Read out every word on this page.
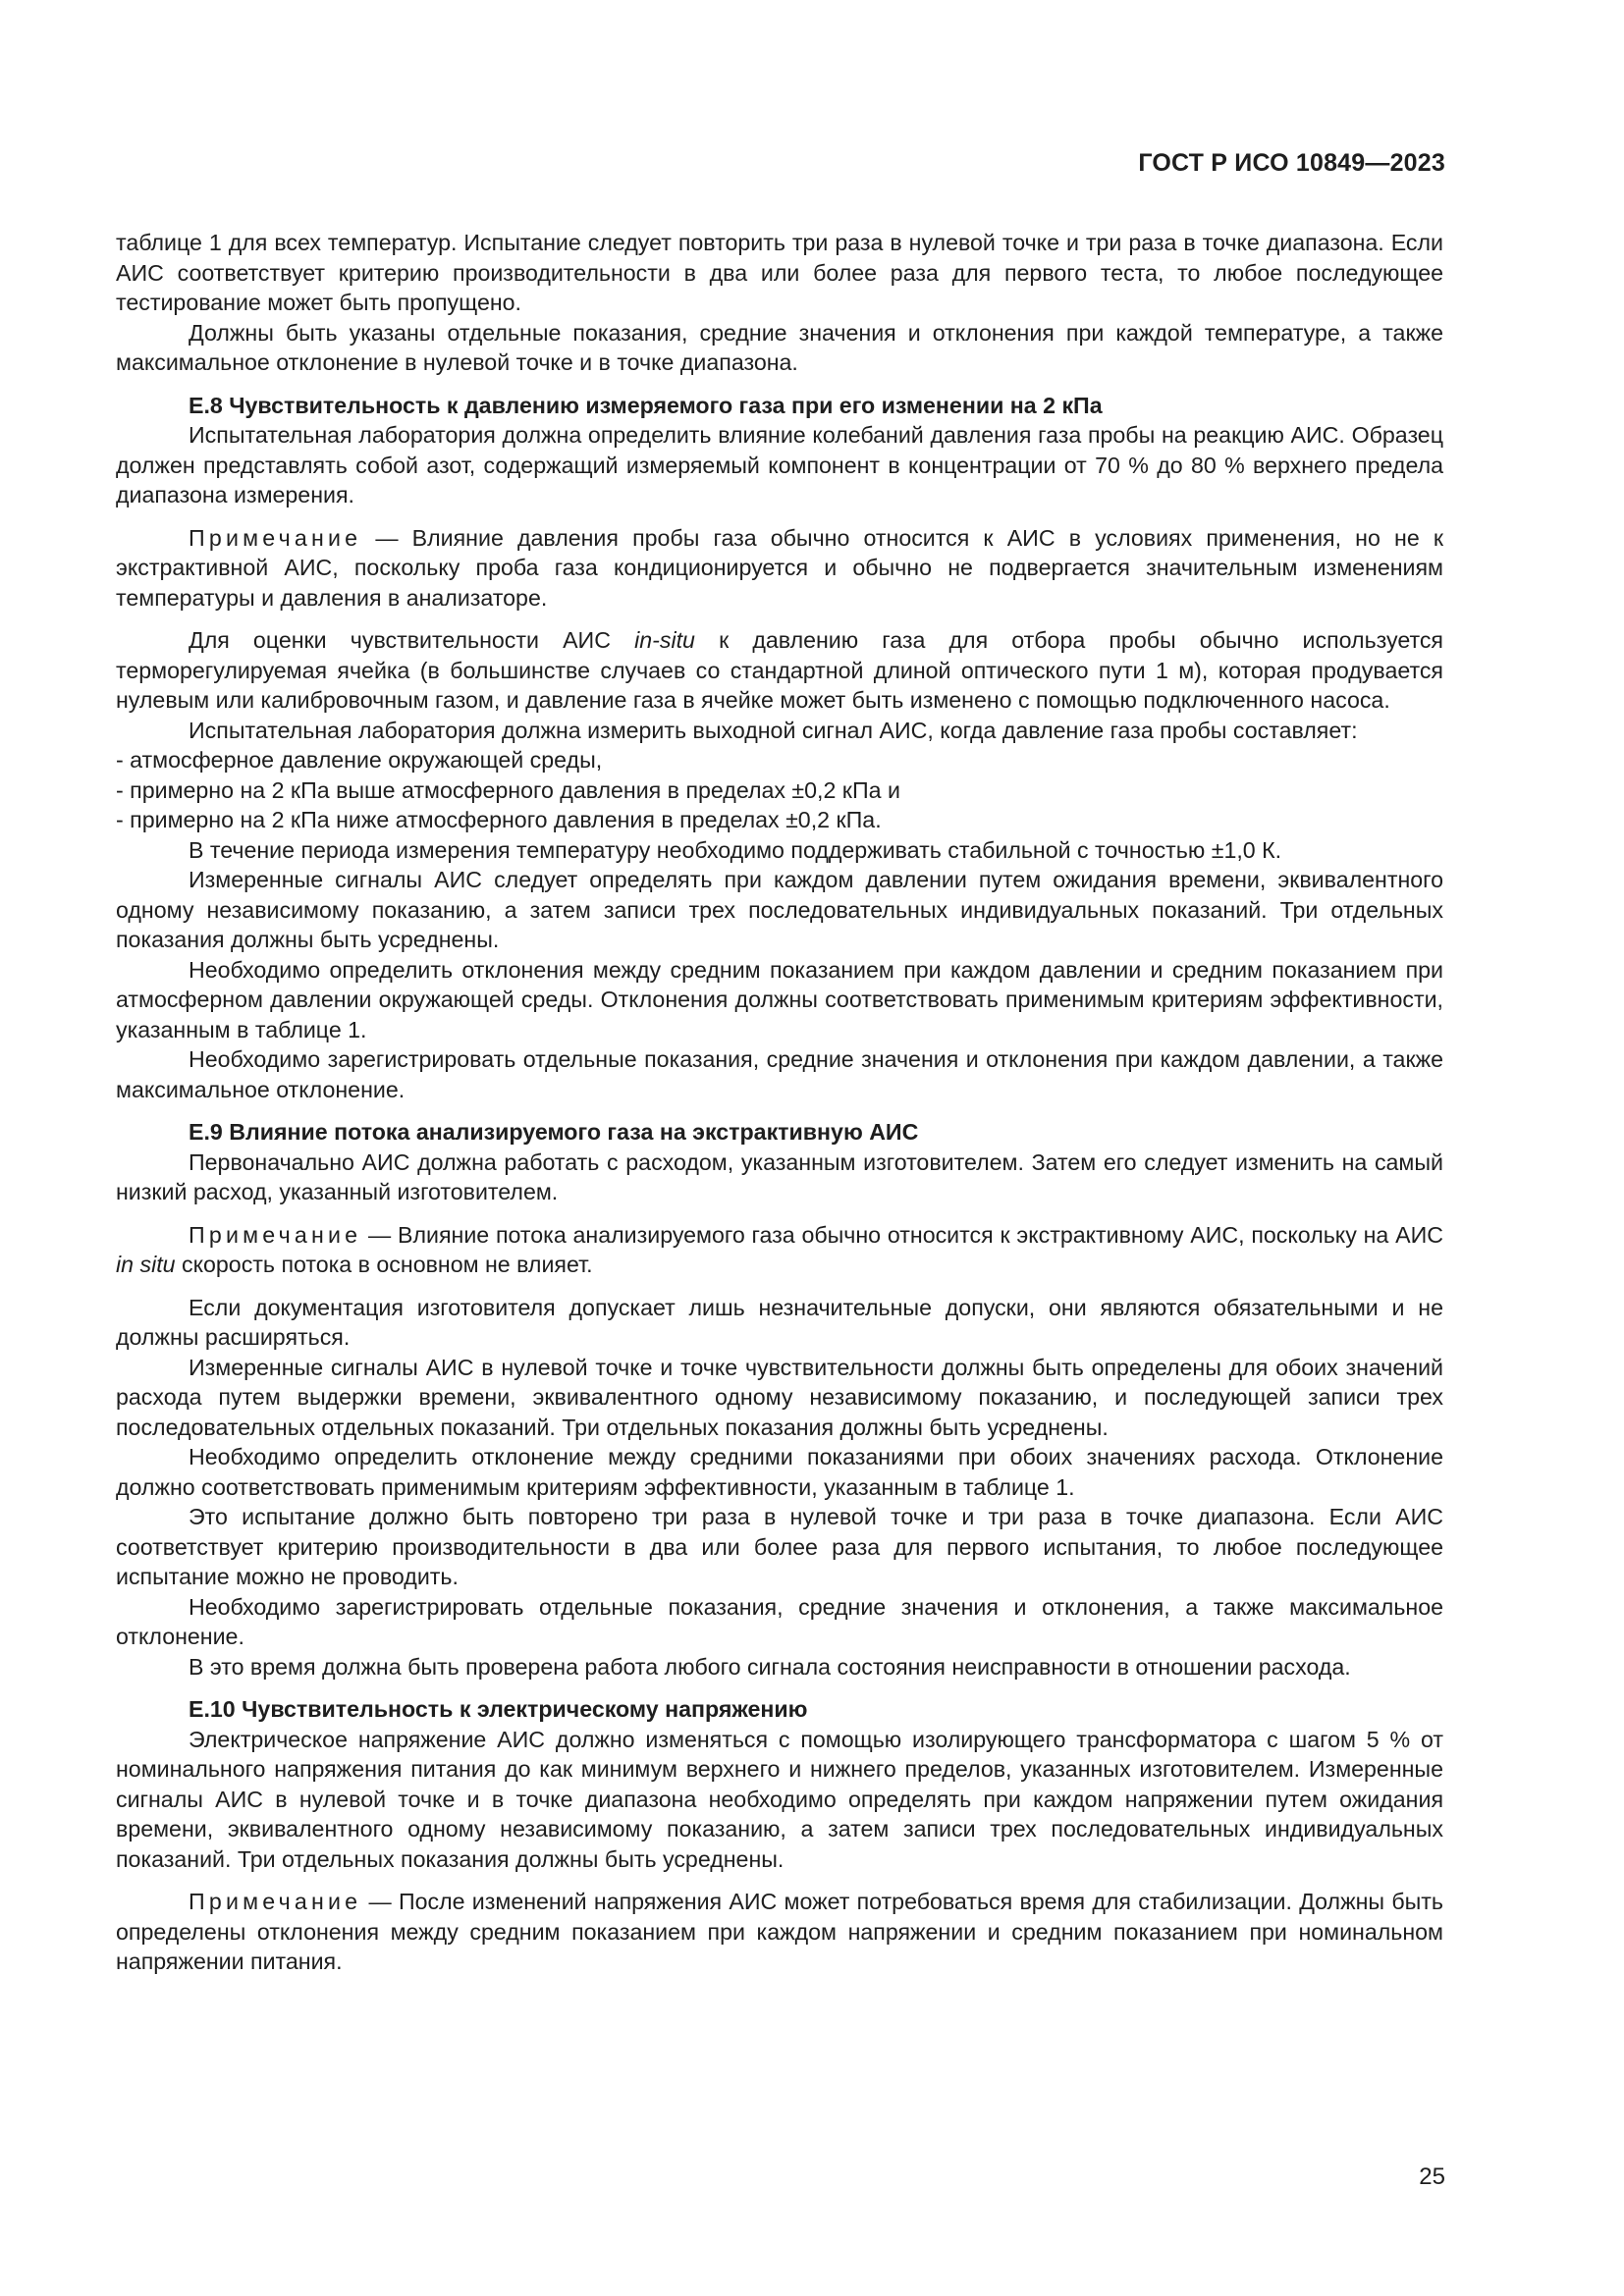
ГОСТ Р ИСО 10849—2023

таблице 1 для всех температур. Испытание следует повторить три раза в нулевой точке и три раза в точке диапазона. Если АИС соответствует критерию производительности в два или более раза для первого теста, то любое последующее тестирование может быть пропущено.

Должны быть указаны отдельные показания, средние значения и отклонения при каждой температуре, а также максимальное отклонение в нулевой точке и в точке диапазона.

Е.8 Чувствительность к давлению измеряемого газа при его изменении на 2 кПа

Испытательная лаборатория должна определить влияние колебаний давления газа пробы на реакцию АИС. Образец должен представлять собой азот, содержащий измеряемый компонент в концентрации от 70 % до 80 % верхнего предела диапазона измерения.

Примечание — Влияние давления пробы газа обычно относится к АИС в условиях применения, но не к экстрактивной АИС, поскольку проба газа кондиционируется и обычно не подвергается значительным изменениям температуры и давления в анализаторе.

Для оценки чувствительности АИС in-situ к давлению газа для отбора пробы обычно используется терморегулируемая ячейка (в большинстве случаев со стандартной длиной оптического пути 1 м), которая продувается нулевым или калибровочным газом, и давление газа в ячейке может быть изменено с помощью подключенного насоса.

Испытательная лаборатория должна измерить выходной сигнал АИС, когда давление газа пробы составляет:

- атмосферное давление окружающей среды,

- примерно на 2 кПа выше атмосферного давления в пределах ±0,2 кПа и

- примерно на 2 кПа ниже атмосферного давления в пределах ±0,2 кПа.

В течение периода измерения температуру необходимо поддерживать стабильной с точностью ±1,0 К.

Измеренные сигналы АИС следует определять при каждом давлении путем ожидания времени, эквивалентного одному независимому показанию, а затем записи трех последовательных индивидуальных показаний. Три отдельных показания должны быть усреднены.

Необходимо определить отклонения между средним показанием при каждом давлении и средним показанием при атмосферном давлении окружающей среды. Отклонения должны соответствовать применимым критериям эффективности, указанным в таблице 1.

Необходимо зарегистрировать отдельные показания, средние значения и отклонения при каждом давлении, а также максимальное отклонение.

Е.9 Влияние потока анализируемого газа на экстрактивную АИС

Первоначально АИС должна работать с расходом, указанным изготовителем. Затем его следует изменить на самый низкий расход, указанный изготовителем.

Примечание — Влияние потока анализируемого газа обычно относится к экстрактивному АИС, поскольку на АИС in situ скорость потока в основном не влияет.

Если документация изготовителя допускает лишь незначительные допуски, они являются обязательными и не должны расширяться.

Измеренные сигналы АИС в нулевой точке и точке чувствительности должны быть определены для обоих значений расхода путем выдержки времени, эквивалентного одному независимому показанию, и последующей записи трех последовательных отдельных показаний. Три отдельных показания должны быть усреднены.

Необходимо определить отклонение между средними показаниями при обоих значениях расхода. Отклонение должно соответствовать применимым критериям эффективности, указанным в таблице 1.

Это испытание должно быть повторено три раза в нулевой точке и три раза в точке диапазона. Если АИС соответствует критерию производительности в два или более раза для первого испытания, то любое последующее испытание можно не проводить.

Необходимо зарегистрировать отдельные показания, средние значения и отклонения, а также максимальное отклонение.

В это время должна быть проверена работа любого сигнала состояния неисправности в отношении расхода.

Е.10 Чувствительность к электрическому напряжению

Электрическое напряжение АИС должно изменяться с помощью изолирующего трансформатора с шагом 5 % от номинального напряжения питания до как минимум верхнего и нижнего пределов, указанных изготовителем. Измеренные сигналы АИС в нулевой точке и в точке диапазона необходимо определять при каждом напряжении путем ожидания времени, эквивалентного одному независимому показанию, а затем записи трех последовательных индивидуальных показаний. Три отдельных показания должны быть усреднены.

Примечание — После изменений напряжения АИС может потребоваться время для стабилизации. Должны быть определены отклонения между средним показанием при каждом напряжении и средним показанием при номинальном напряжении питания.

25
